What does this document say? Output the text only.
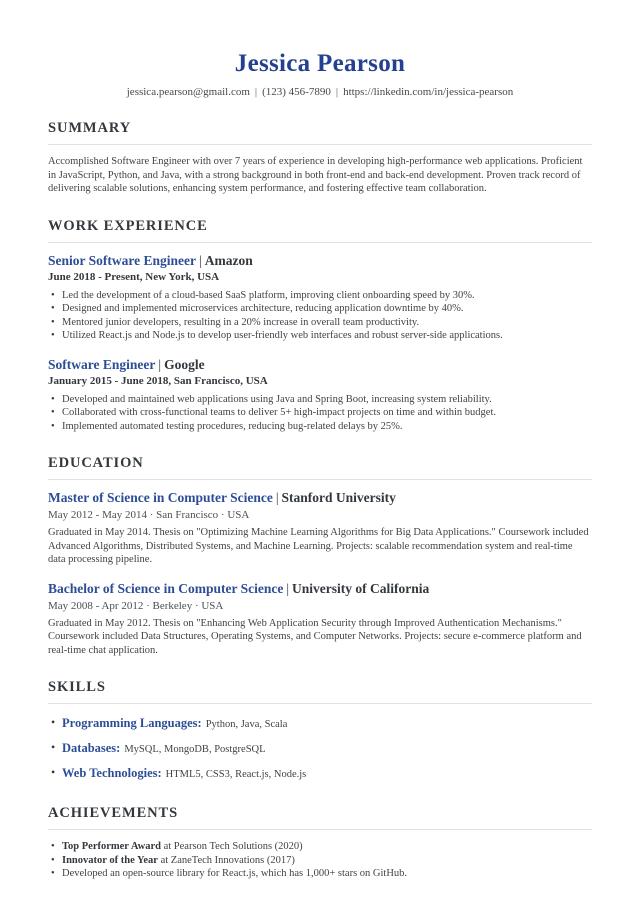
Jessica Pearson
jessica.pearson@gmail.com | (123) 456-7890 | https://linkedin.com/in/jessica-pearson
SUMMARY

Accomplished Software Engineer with over 7 years of experience in developing high-performance web applications. Proficient in JavaScript, Python, and Java, with a strong background in both front-end and back-end development. Proven track record of delivering scalable solutions, enhancing system performance, and fostering effective team collaboration.

WORK EXPERIENCE
Senior Software Engineer | Amazon
June 2018 - Present, New York, USA
• Led the development of a cloud-based SaaS platform, improving client onboarding speed by 30%.
• Designed and implemented microservices architecture, reducing application downtime by 40%.
• Mentored junior developers, resulting in a 20% increase in overall team productivity.
• Utilized React.js and Node.js to develop user-friendly web interfaces and robust server-side applications.
Software Engineer | Google
January 2015 - June 2018, San Francisco, USA
• Developed and maintained web applications using Java and Spring Boot, increasing system reliability.
• Collaborated with cross-functional teams to deliver 5+ high-impact projects on time and within budget.
• Implemented automated testing procedures, reducing bug-related delays by 25%.
EDUCATION
Master of Science in Computer Science | Stanford University
May 2012 - May 2014 · San Francisco · USA

Graduated in May 2014. Thesis on "Optimizing Machine Learning Algorithms for Big Data Applications." Coursework included Advanced Algorithms, Distributed Systems, and Machine Learning. Projects: scalable recommendation system and real-time data processing pipeline.

Bachelor of Science in Computer Science | University of California
May 2008 - Apr 2012 · Berkeley · USA

Graduated in May 2012. Thesis on "Enhancing Web Application Security through Improved Authentication Mechanisms." Coursework included Data Structures, Operating Systems, and Computer Networks. Projects: secure e-commerce platform and real-time chat application.

SKILLS
• Programming Languages: Python, Java, Scala
• Databases: MySQL, MongoDB, PostgreSQL
• Web Technologies: HTML5, CSS3, React.js, Node.js
ACHIEVEMENTS
• Top Performer Award at Pearson Tech Solutions (2020)
• Innovator of the Year at ZaneTech Innovations (2017)
• Developed an open-source library for React.js, which has 1,000+ stars on GitHub.
